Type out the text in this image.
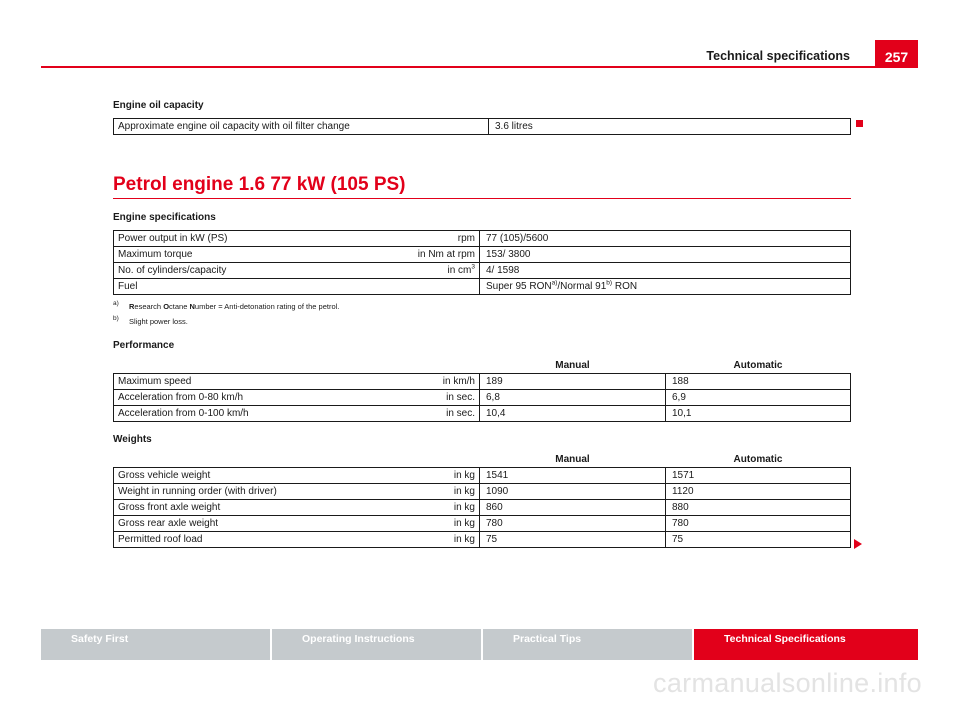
Technical specifications	257
Engine oil capacity
Approximate engine oil capacity with oil filter change	3.6 litres
Petrol engine 1.6 77 kW (105 PS)
Engine specifications
Power output in kW (PS)	rpm	77 (105)/5600
Maximum torque	in Nm at rpm	153/ 3800
No. of cylinders/capacity	in $cm^3$	4/ 1598
Fuel		Super 95 RON$^{a)}$/Normal 91$^{b)}$ RON
a) Research Octane Number = Anti-detonation rating of the petrol.
b) Slight power loss.
Performance
		Manual	Automatic
Maximum speed	in km/h	189	188
Acceleration from 0-80 km/h	in sec.	6,8	6,9
Acceleration from 0-100 km/h	in sec.	10,4	10,1
Weights
		Manual	Automatic
Gross vehicle weight	in kg	1541	1571
Weight in running order (with driver)	in kg	1090	1120
Gross front axle weight	in kg	860	880
Gross rear axle weight	in kg	780	780
Permitted roof load	in kg	75	75
Safety First	Operating Instructions	Practical Tips	Technical Specifications
carmanualsonline.info
